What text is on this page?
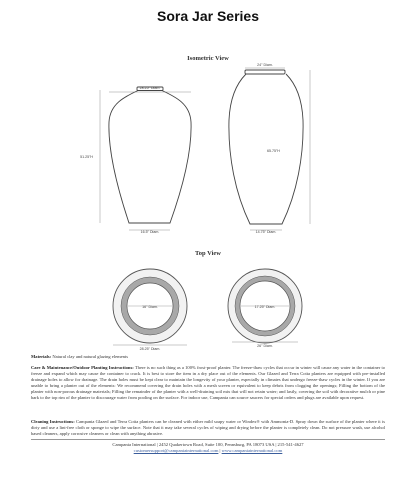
Sora Jar Series
Isometric View
28.25" Diam.
51.25"H
16.5" Diam.
24" Diam.
65.75"H
14.75" Diam.
16" Diam.
28.25" Diam.
17.25" Diam.
26" Diam.
Top View
Materials: Natural clay and natural glazing elements
Care & Maintenance/Outdoor Planting Instructions: There is no such thing as a 100% frost-proof planter. The freeze-thaw cycles that occur in winter will cause any water in the container to freeze and expand which may cause the container to crack. It is best to store the item in a dry place out of the elements. Our Glazed and Terra Cotta planters are equipped with pre-installed drainage holes to allow for drainage. The drain holes must be kept clear to maintain the longevity of your planter, especially in climates that undergo freeze-thaw cycles in the winter. If you are unable to bring a planter out of the elements: We recommend covering the drain holes with a mesh screen or equivalent to keep debris from clogging the openings; Filling the bottom of the planter with non-porous drainage materials; Filling the remainder of the planter with a well-draining soil mix that will not retain water; and lastly, covering the soil with decorative mulch or pine bark to the top rim of the planter to discourage water from pooling on the surface. For indoor use, Campania can source saucers for special orders and plugs are available upon request.
Cleaning Instructions: Campania Glazed and Terra Cotta planters can be cleaned with either mild soapy water or Windex® with Ammonia-D. Spray down the surface of the planter where it is dirty and use a lint-free cloth or sponge to wipe the surface. Note that it may take several cycles of wiping and drying before the planter is completely clean. Do not pressure wash, use alcohol based cleaners, apply corrosive cleaners or clean with anything abrasive.
Campania International | 2452 Quakertown Road, Suite 100, Pennsburg, PA 18073 USA | 215-541-4627
customersupport@campaniainternational.com | www.campaniainternational.com
